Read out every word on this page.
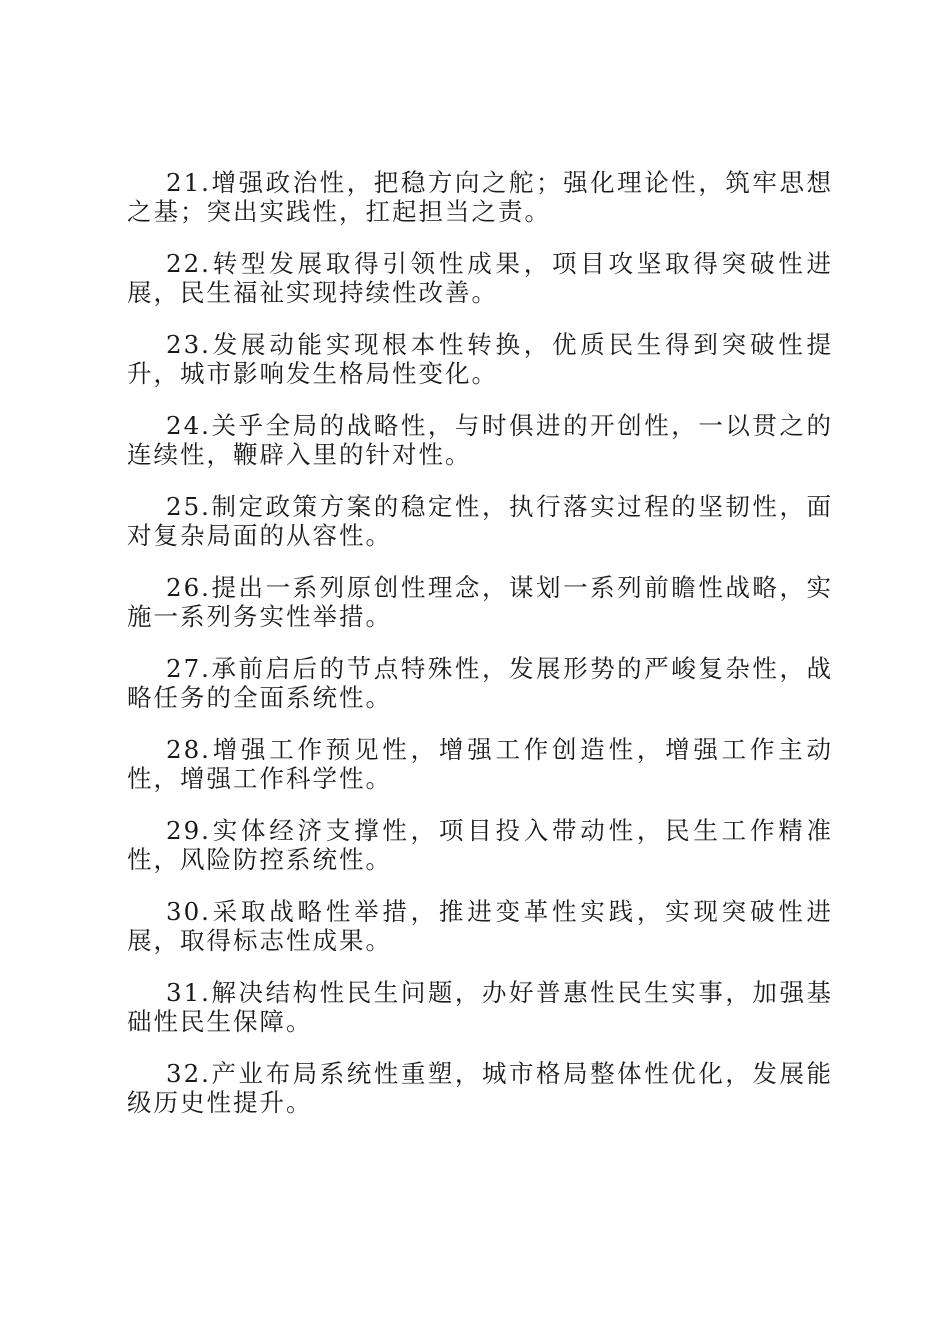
21.增强政治性，把稳方向之舵；强化理论性，筑牢思想之基；突出实践性，扛起担当之责。

22.转型发展取得引领性成果，项目攻坚取得突破性进展，民生福祉实现持续性改善。

23.发展动能实现根本性转换，优质民生得到突破性提升，城市影响发生格局性变化。

24.关乎全局的战略性，与时俱进的开创性，一以贯之的连续性，鞭辟入里的针对性。

25.制定政策方案的稳定性，执行落实过程的坚韧性，面对复杂局面的从容性。

26.提出一系列原创性理念，谋划一系列前瞻性战略，实施一系列务实性举措。

27.承前启后的节点特殊性，发展形势的严峻复杂性，战略任务的全面系统性。

28.增强工作预见性，增强工作创造性，增强工作主动性，增强工作科学性。

29.实体经济支撑性，项目投入带动性，民生工作精准性，风险防控系统性。

30.采取战略性举措，推进变革性实践，实现突破性进展，取得标志性成果。

31.解决结构性民生问题，办好普惠性民生实事，加强基础性民生保障。

32.产业布局系统性重塑，城市格局整体性优化，发展能级历史性提升。
